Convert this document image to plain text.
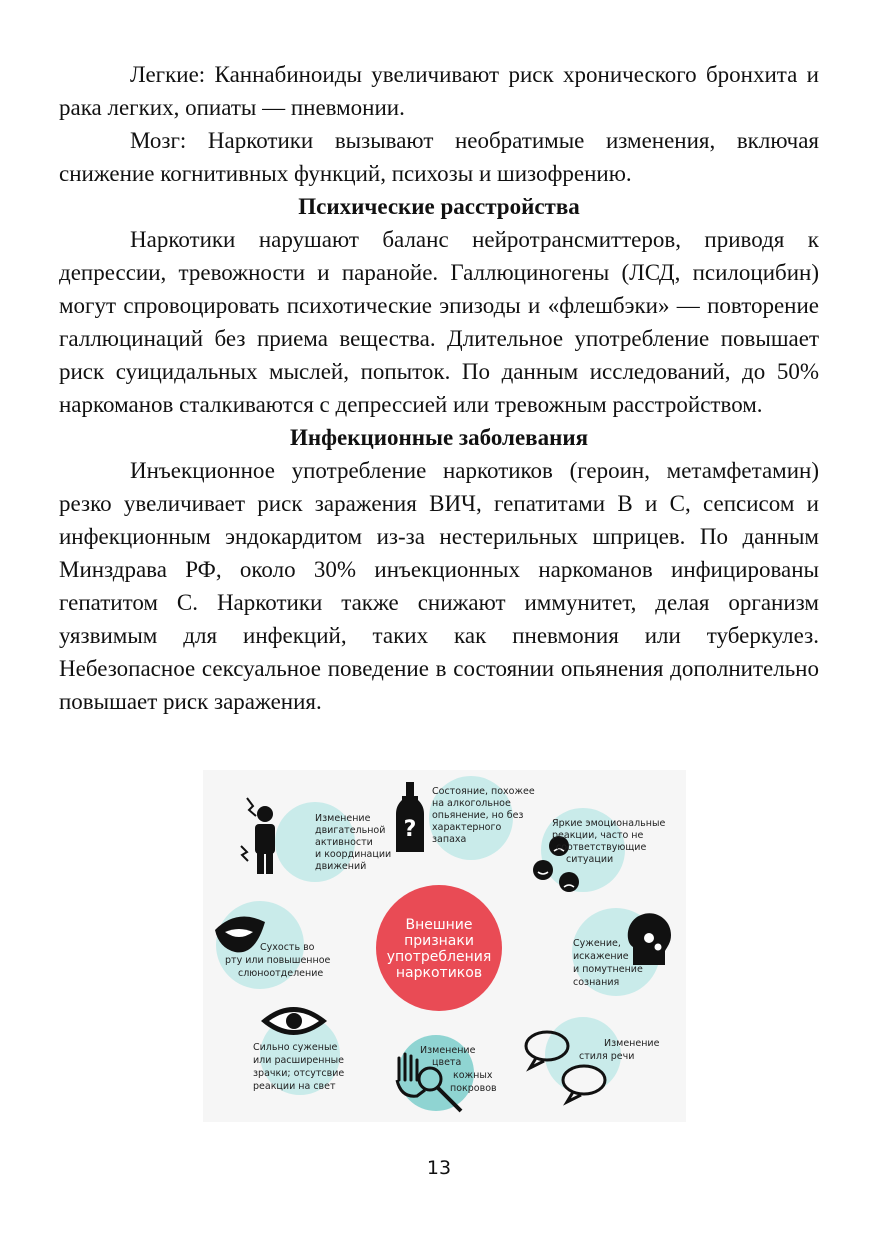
Легкие: Каннабиноиды увеличивают риск хронического бронхита и рака легких, опиаты — пневмонии.

Мозг: Наркотики вызывают необратимые изменения, включая снижение когнитивных функций, психозы и шизофрению.

Психические расстройства

Наркотики нарушают баланс нейротрансмиттеров, приводя к депрессии, тревожности и паранойе. Галлюциногены (ЛСД, псилоцибин) могут спровоцировать психотические эпизоды и «флешбэки» — повторение галлюцинаций без приема вещества. Длительное употребление повышает риск суицидальных мыслей, попыток. По данным исследований, до 50% наркоманов сталкиваются с депрессией или тревожным расстройством.

Инфекционные заболевания

Инъекционное употребление наркотиков (героин, метамфетамин) резко увеличивает риск заражения ВИЧ, гепатитами B и C, сепсисом и инфекционным эндокардитом из-за нестерильных шприцев. По данным Минздрава РФ, около 30% инъекционных наркоманов инфицированы гепатитом C. Наркотики также снижают иммунитет, делая организм уязвимым для инфекций, таких как пневмония или туберкулез. Небезопасное сексуальное поведение в состоянии опьянения дополнительно повышает риск заражения.

Внешние
признаки
употребления
наркотиков
Изменение
двигательной
активности
и координации
движений
?
Состояние, похожее
на алкогольное
опьянение, но без
характерного
запаха
Яркие эмоциональные
реакции, часто не
соответствующие
ситуации
Сухость во
рту или повышенное
слюноотделение
Сужение,
искажение
и помутнение
сознания
Сильно суженые
или расширенные
зрачки; отсутсвие
реакции на свет
Изменение
цвета
кожных
покровов
Изменение
стиля речи
13
